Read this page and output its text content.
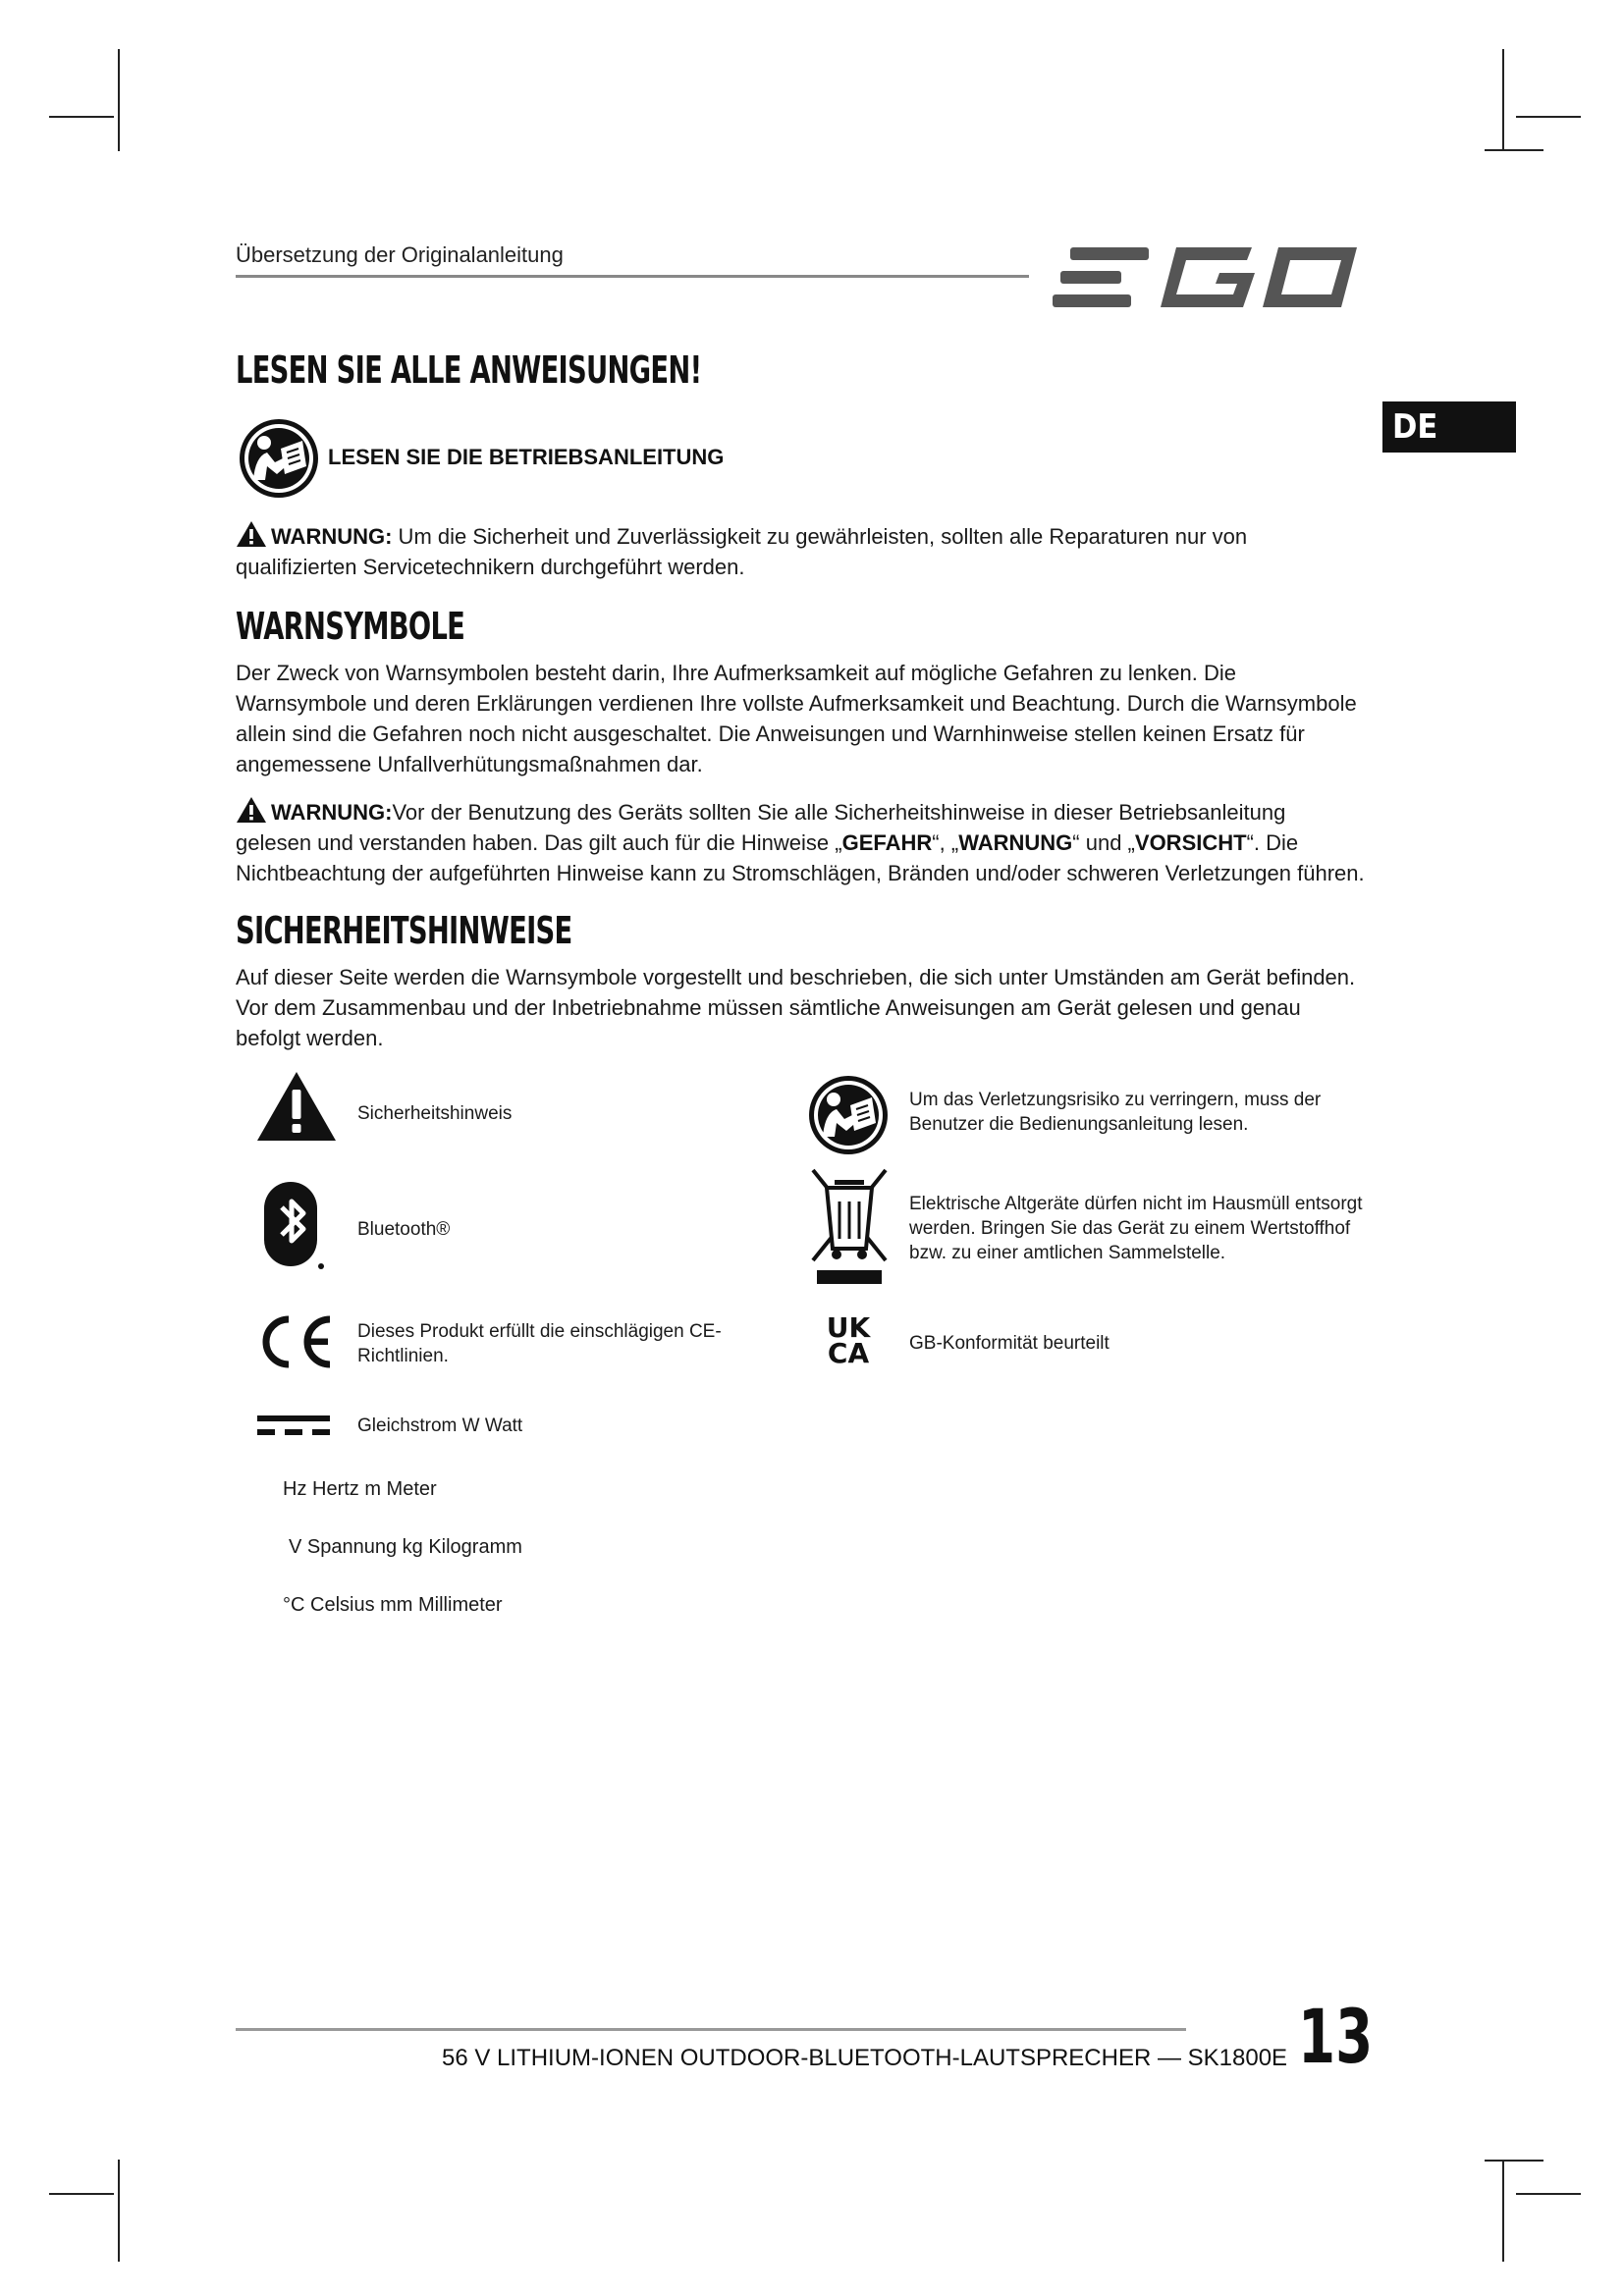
Übersetzung der Originalanleitung
DE
LESEN SIE ALLE ANWEISUNGEN!
LESEN SIE DIE BETRIEBSANLEITUNG
WARNUNG: Um die Sicherheit und Zuverlässigkeit zu gewährleisten, sollten alle Reparaturen nur von qualifizierten Servicetechnikern durchgeführt werden.
WARNSYMBOLE
Der Zweck von Warnsymbolen besteht darin, Ihre Aufmerksamkeit auf mögliche Gefahren zu lenken. Die Warnsymbole und deren Erklärungen verdienen Ihre vollste Aufmerksamkeit und Beachtung. Durch die Warnsymbole allein sind die Gefahren noch nicht ausgeschaltet. Die Anweisungen und Warnhinweise stellen keinen Ersatz für angemessene Unfallverhütungsmaßnahmen dar.
WARNUNG:Vor der Benutzung des Geräts sollten Sie alle Sicherheitshinweise in dieser Betriebsanleitung gelesen und verstanden haben. Das gilt auch für die Hinweise „GEFAHR“, „WARNUNG“ und „VORSICHT“. Die Nichtbeachtung der aufgeführten Hinweise kann zu Stromschlägen, Bränden und/oder schweren Verletzungen führen.
SICHERHEITSHINWEISE
Auf dieser Seite werden die Warnsymbole vorgestellt und beschrieben, die sich unter Umständen am Gerät befinden. Vor dem Zusammenbau und der Inbetriebnahme müssen sämtliche Anweisungen am Gerät gelesen und genau befolgt werden.
Sicherheitshinweis
Bluetooth®
Dieses Produkt erfüllt die einschlägigen CE-Richtlinien.
Gleichstrom W Watt
Hz Hertz m Meter
V Spannung kg Kilogramm
°C Celsius mm Millimeter
Um das Verletzungsrisiko zu verringern, muss der Benutzer die Bedienungsanleitung lesen.
Elektrische Altgeräte dürfen nicht im Hausmüll entsorgt werden. Bringen Sie das Gerät zu einem Wertstoffhof bzw. zu einer amtlichen Sammelstelle.
UK
CA GB-Konformität beurteilt
56 V LITHIUM-IONEN OUTDOOR-BLUETOOTH-LAUTSPRECHER — SK1800E 13
